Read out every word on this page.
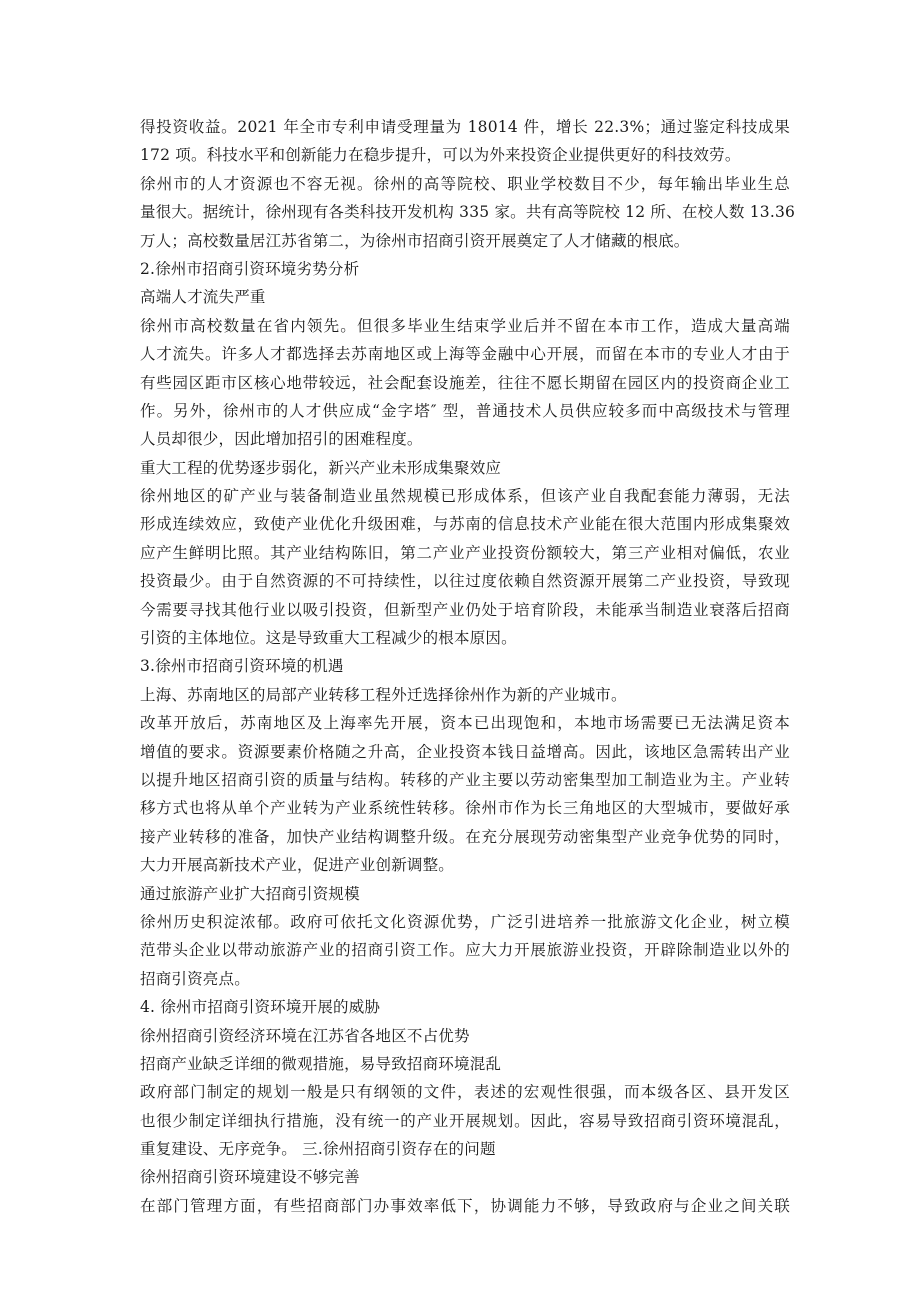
得投资收益。2021 年全市专利申请受理量为 18014 件，增长 22.3%；通过鉴定科技成果
172 项。科技水平和创新能力在稳步提升，可以为外来投资企业提供更好的科技效劳。
徐州市的人才资源也不容无视。徐州的高等院校、职业学校数目不少，每年输出毕业生总
量很大。据统计，徐州现有各类科技开发机构 335 家。共有高等院校 12 所、在校人数 13.36
万人；高校数量居江苏省第二，为徐州市招商引资开展奠定了人才储藏的根底。
2.徐州市招商引资环境劣势分析
高端人才流失严重
徐州市高校数量在省内领先。但很多毕业生结束学业后并不留在本市工作，造成大量高端
人才流失。许多人才都选择去苏南地区或上海等金融中心开展，而留在本市的专业人才由于
有些园区距市区核心地带较远，社会配套设施差，往往不愿长期留在园区内的投资商企业工
作。另外，徐州市的人才供应成“金字塔″ 型，普通技术人员供应较多而中高级技术与管理
人员却很少，因此增加招引的困难程度。
重大工程的优势逐步弱化，新兴产业未形成集聚效应
徐州地区的矿产业与装备制造业虽然规模已形成体系，但该产业自我配套能力薄弱，无法
形成连续效应，致使产业优化升级困难，与苏南的信息技术产业能在很大范围内形成集聚效
应产生鲜明比照。其产业结构陈旧，第二产业产业投资份额较大，第三产业相对偏低，农业
投资最少。由于自然资源的不可持续性，以往过度依赖自然资源开展第二产业投资，导致现
今需要寻找其他行业以吸引投资，但新型产业仍处于培育阶段，未能承当制造业衰落后招商
引资的主体地位。这是导致重大工程减少的根本原因。
3.徐州市招商引资环境的机遇
上海、苏南地区的局部产业转移工程外迁选择徐州作为新的产业城市。
改革开放后，苏南地区及上海率先开展，资本已出现饱和，本地市场需要已无法满足资本
增值的要求。资源要素价格随之升高，企业投资本钱日益增高。因此，该地区急需转出产业
以提升地区招商引资的质量与结构。转移的产业主要以劳动密集型加工制造业为主。产业转
移方式也将从单个产业转为产业系统性转移。徐州市作为长三角地区的大型城市，要做好承
接产业转移的准备，加快产业结构调整升级。在充分展现劳动密集型产业竞争优势的同时，
大力开展高新技术产业，促进产业创新调整。
通过旅游产业扩大招商引资规模
徐州历史积淀浓郁。政府可依托文化资源优势，广泛引进培养一批旅游文化企业，树立模
范带头企业以带动旅游产业的招商引资工作。应大力开展旅游业投资，开辟除制造业以外的
招商引资亮点。
4. 徐州市招商引资环境开展的威胁
徐州招商引资经济环境在江苏省各地区不占优势
招商产业缺乏详细的微观措施，易导致招商环境混乱
政府部门制定的规划一般是只有纲领的文件，表述的宏观性很强，而本级各区、县开发区
也很少制定详细执行措施，没有统一的产业开展规划。因此，容易导致招商引资环境混乱，
重复建设、无序竞争。 三.徐州招商引资存在的问题
徐州招商引资环境建设不够完善
在部门管理方面，有些招商部门办事效率低下，协调能力不够，导致政府与企业之间关联
